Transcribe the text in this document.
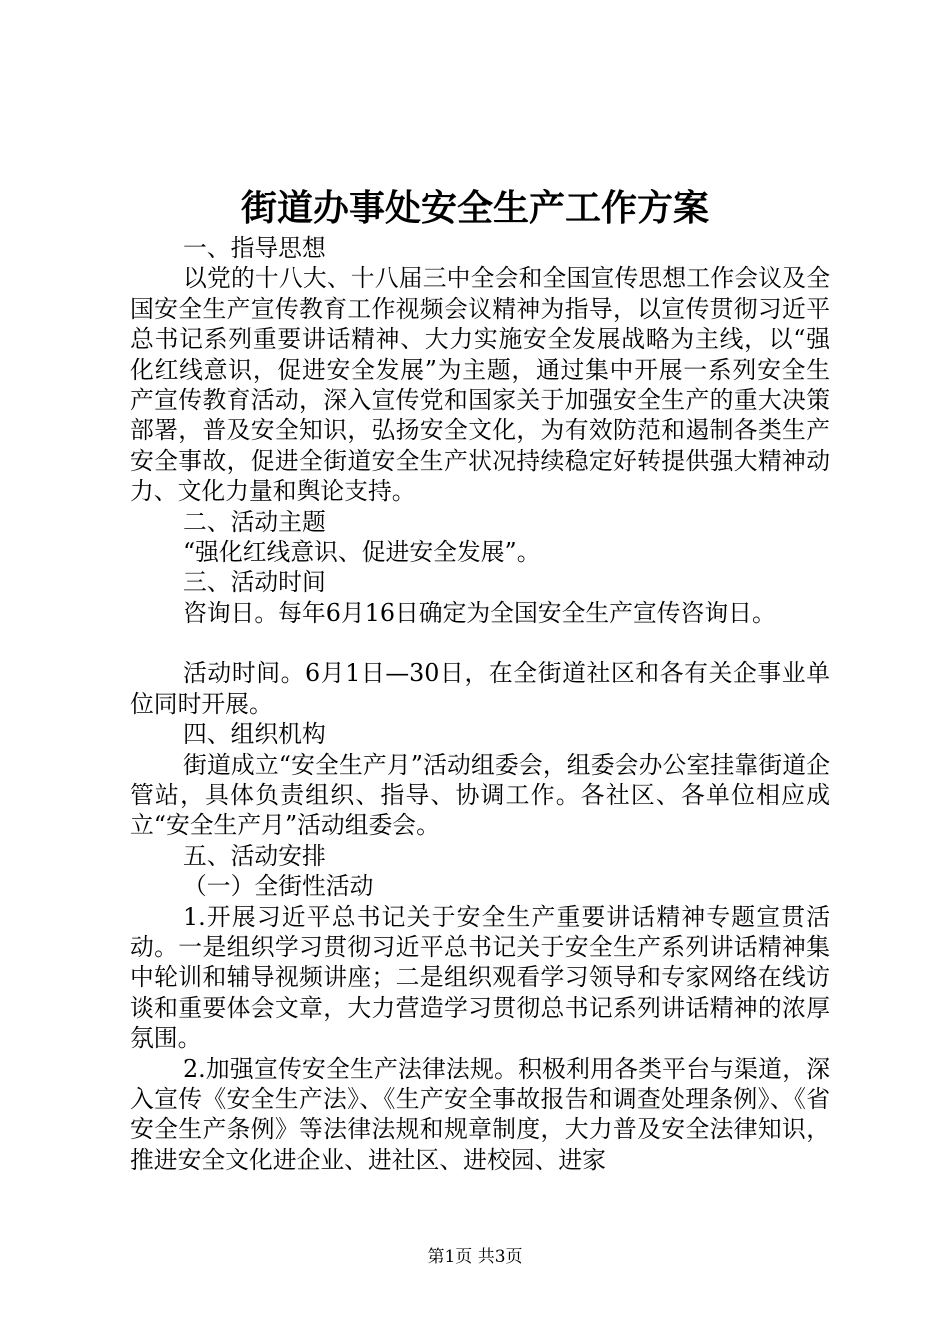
街道办事处安全生产工作方案

一、指导思想

以党的十八大、十八届三中全会和全国宣传思想工作会议及全国安全生产宣传教育工作视频会议精神为指导，以宣传贯彻习近平总书记系列重要讲话精神、大力实施安全发展战略为主线，以“强化红线意识，促进安全发展”为主题，通过集中开展一系列安全生产宣传教育活动，深入宣传党和国家关于加强安全生产的重大决策部署，普及安全知识，弘扬安全文化，为有效防范和遏制各类生产安全事故，促进全街道安全生产状况持续稳定好转提供强大精神动力、文化力量和舆论支持。

二、活动主题

“强化红线意识、促进安全发展”。

三、活动时间

咨询日。每年6月16日确定为全国安全生产宣传咨询日。

活动时间。6月1日—30日，在全街道社区和各有关企事业单位同时开展。

四、组织机构

街道成立“安全生产月”活动组委会，组委会办公室挂靠街道企管站，具体负责组织、指导、协调工作。各社区、各单位相应成立“安全生产月”活动组委会。

五、活动安排

（一）全街性活动

1.开展习近平总书记关于安全生产重要讲话精神专题宣贯活动。一是组织学习贯彻习近平总书记关于安全生产系列讲话精神集中轮训和辅导视频讲座；二是组织观看学习领导和专家网络在线访谈和重要体会文章，大力营造学习贯彻总书记系列讲话精神的浓厚氛围。

2.加强宣传安全生产法律法规。积极利用各类平台与渠道，深入宣传《安全生产法》、《生产安全事故报告和调查处理条例》、《省安全生产条例》等法律法规和规章制度，大力普及安全法律知识，推进安全文化进企业、进社区、进校园、进家

第1页 共3页
